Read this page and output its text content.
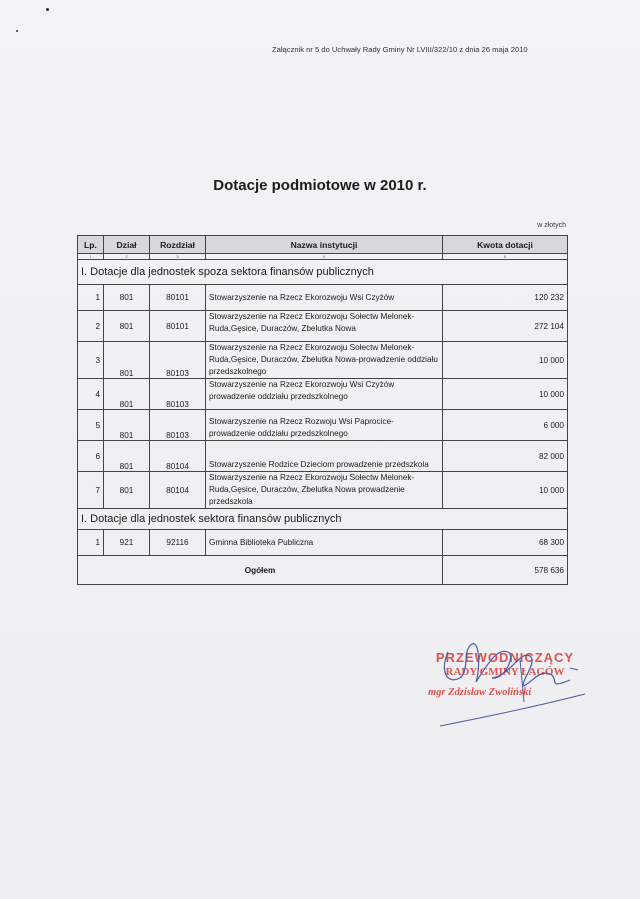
Załącznik nr 5 do Uchwały Rady Gminy Nr LVIII/322/10 z dnia 26 maja 2010
Dotacje podmiotowe w 2010 r.
w złotych
Lp.	Dział	Rozdział	Nazwa instytucji	Kwota dotacji
1	2	3	4	5
I. Dotacje dla jednostek spoza sektora finansów publicznych				
1	801	80101	Stowarzyszenie na Rzecz Ekorozwoju Wsi Czyżów	120 232
2	801	80101	Stowarzyszenie na Rzecz Ekorozwoju Sołectw Melonek-Ruda,Gęsice, Duraczów, Zbelutka Nowa	272 104
3	801	80103	Stowarzyszenie na Rzecz Ekorozwoju Sołectw Melonek-Ruda,Gęsice, Duraczów, Zbelutka Nowa-prowadzenie oddziału przedszkolnego	10 000
4	801	80103	Stowarzyszenie na Rzecz Ekorozwoju Wsi Czyżów prowadzenie oddziału przedszkolnego	10 000
5	801	80103	Stowarzyszenie na Rzecz Rozwoju Wsi Paprocice-prowadzenie oddziału przedszkolnego	6 000
6	801	80104	Stowarzyszenie Rodzice Dzieciom prowadzenie przedszkola	82 000
7	801	80104	Stowarzyszenie na Rzecz Ekorozwoju Sołectw Melonek-Ruda,Gęsice, Duraczów, Zbelutka Nowa prowadzenie przedszkola	10 000
I. Dotacje dla jednostek sektora finansów publicznych				
1	921	92116	Gminna Biblioteka Publiczna	68 300
Ogółem				578 636
PRZEWODNICZĄCY
RADY GMINY ŁAGÓW
mgr Zdzisław Zwoliński
